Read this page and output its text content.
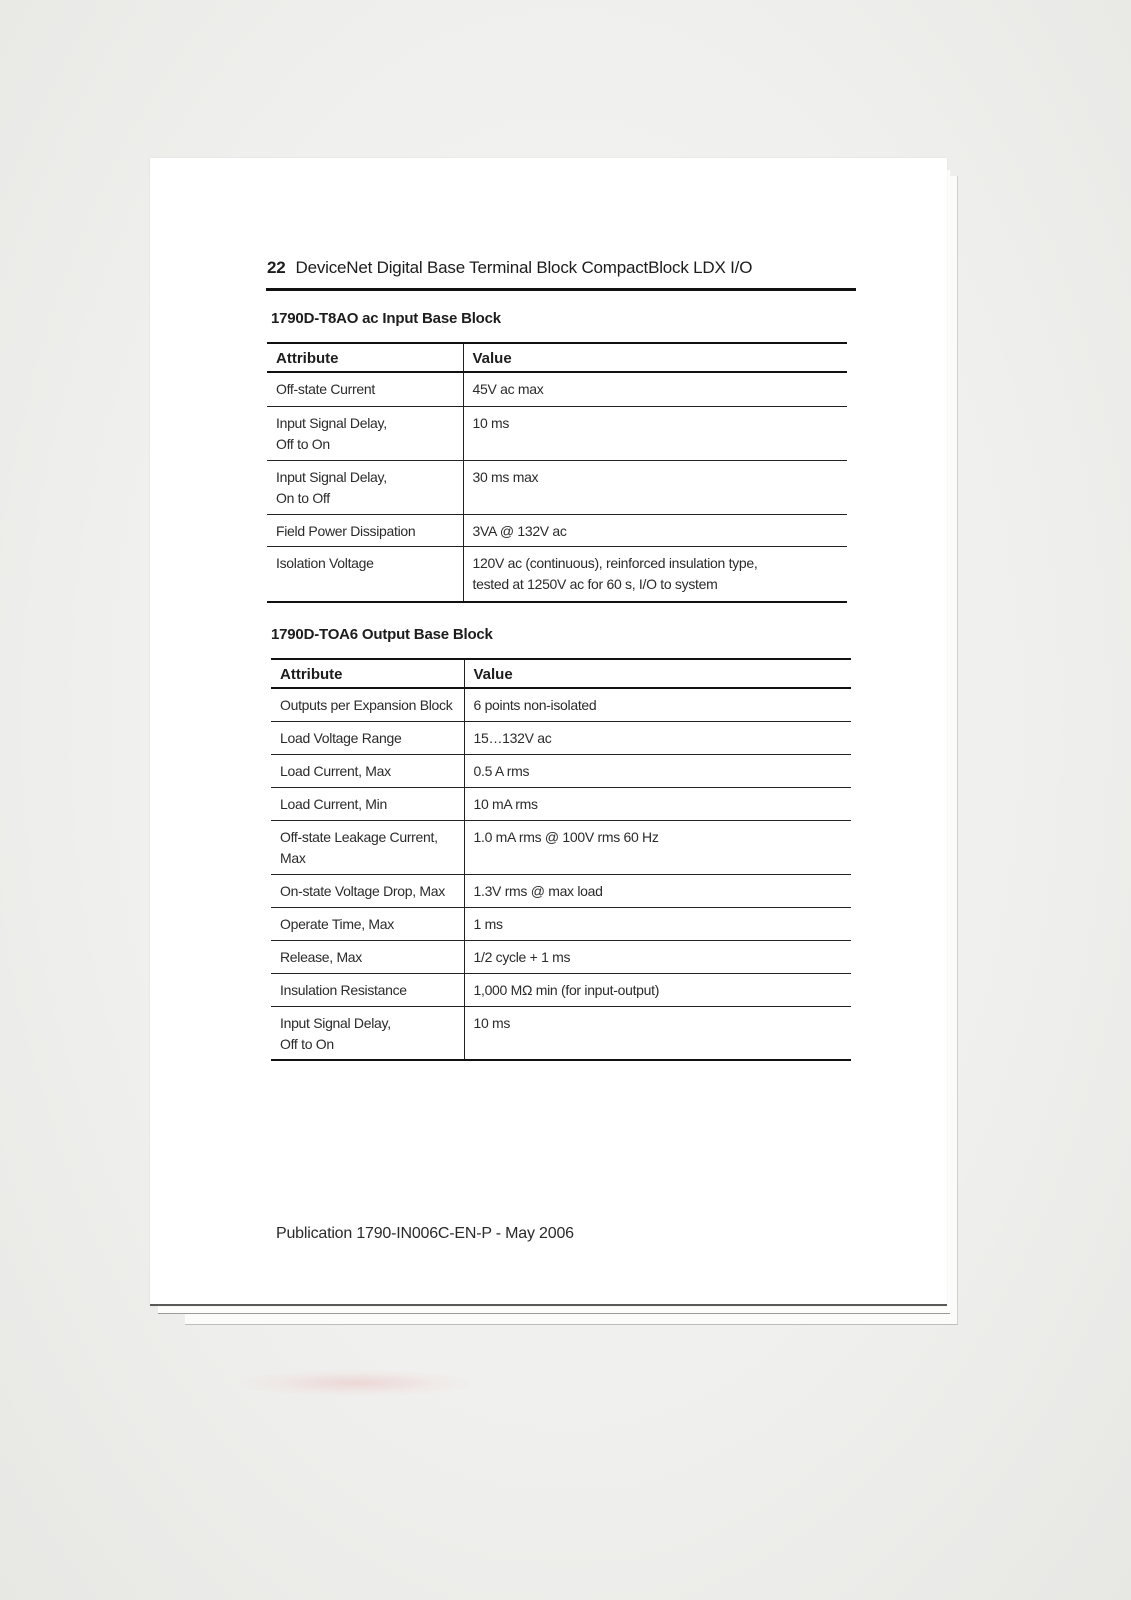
22 DeviceNet Digital Base Terminal Block CompactBlock LDX I/O
1790D-T8AO ac Input Base Block
Attribute	Value
Off-state Current	45V ac max
Input Signal Delay,
Off to On	10 ms
Input Signal Delay,
On to Off	30 ms max
Field Power Dissipation	3VA @ 132V ac
Isolation Voltage	120V ac (continuous), reinforced insulation type,
tested at 1250V ac for 60 s, I/O to system
1790D-TOA6 Output Base Block
Attribute	Value
Outputs per Expansion Block	6 points non-isolated
Load Voltage Range	15…132V ac
Load Current, Max	0.5 A rms
Load Current, Min	10 mA rms
Off-state Leakage Current,
Max	1.0 mA rms @ 100V rms 60 Hz
On-state Voltage Drop, Max	1.3V rms @ max load
Operate Time, Max	1 ms
Release, Max	1/2 cycle + 1 ms
Insulation Resistance	1,000 MΩ min (for input-output)
Input Signal Delay,
Off to On	10 ms
Publication 1790-IN006C-EN-P - May 2006
